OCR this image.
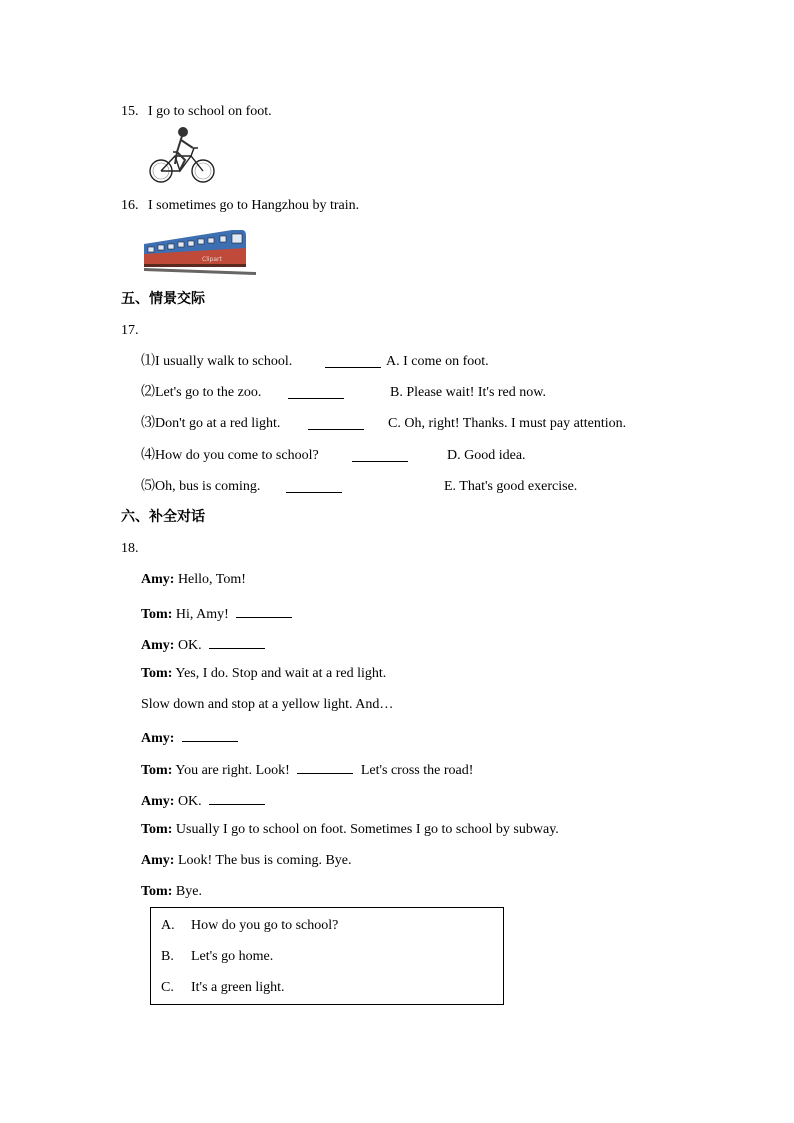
15. I go to school on foot.
16. I sometimes go to Hangzhou by train.
Clipart
五、情景交际
17.
⑴I usually walk to school.	A. I come on foot.
⑵Let's go to the zoo.	B. Please wait! It's red now.
⑶Don't go at a red light.	C. Oh, right! Thanks. I must pay attention.
⑷How do you come to school?	D. Good idea.
⑸Oh, bus is coming.	E. That's good exercise.
六、补全对话
18.
Amy: Hello, Tom!
Tom: Hi, Amy!
Amy: OK.
Tom: Yes, I do. Stop and wait at a red light.
Slow down and stop at a yellow light. And…
Amy:
Tom: You are right. Look!	Let's cross the road!
Amy: OK.
Tom: Usually I go to school on foot. Sometimes I go to school by subway.
Amy: Look! The bus is coming. Bye.
Tom: Bye.
A. How do you go to school?
B. Let's go home.
C. It's a green light.
